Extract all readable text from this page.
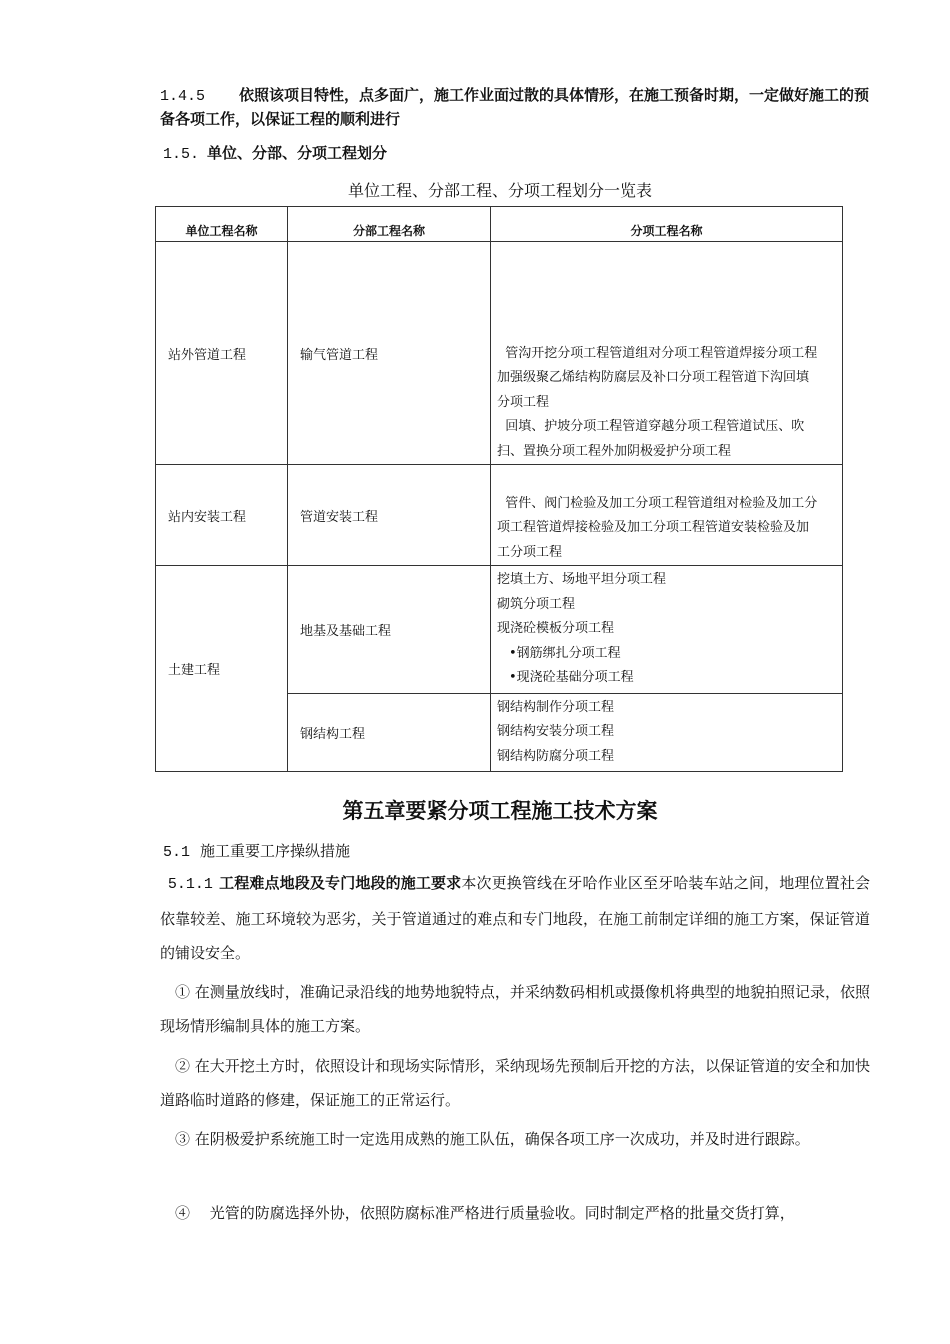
1.4.5 依照该项目特性，点多面广，施工作业面过散的具体情形，在施工预备时期，一定做好施工的预备各项工作，以保证工程的顺利进行
1.5. 单位、分部、分项工程划分
单位工程、分部工程、分项工程划分一览表
单位工程名称	分部工程名称	分项工程名称
站外管道工程	输气管道工程	管沟开挖分项工程管道组对分项工程管道焊接分项工程
加强级聚乙烯结构防腐层及补口分项工程管道下沟回填
分项工程
回填、护坡分项工程管道穿越分项工程管道试压、吹
扫、置换分项工程外加阴极爱护分项工程

站内安装工程	管道安装工程	管件、阀门检验及加工分项工程管道组对检验及加工分
项工程管道焊接检验及加工分项工程管道安装检验及加
工分项工程

土建工程	地基及基础工程	挖填土方、场地平坦分项工程
砌筑分项工程
现浇砼模板分项工程
•钢筋绑扎分项工程
•现浇砼基础分项工程

	钢结构工程	钢结构制作分项工程
钢结构安装分项工程
钢结构防腐分项工程
第五章要紧分项工程施工技术方案
5.1 施工重要工序操纵措施
5.1.1 工程难点地段及专门地段的施工要求本次更换管线在牙哈作业区至牙哈装车站之间，地理位置社会依靠较差、施工环境较为恶劣，关于管道通过的难点和专门地段，在施工前制定详细的施工方案，保证管道的铺设安全。
① 在测量放线时，准确记录沿线的地势地貌特点，并采纳数码相机或摄像机将典型的地貌拍照记录，依照现场情形编制具体的施工方案。
② 在大开挖土方时，依照设计和现场实际情形，采纳现场先预制后开挖的方法，以保证管道的安全和加快道路临时道路的修建，保证施工的正常运行。
③ 在阴极爱护系统施工时一定选用成熟的施工队伍，确保各项工序一次成功，并及时进行跟踪。
④　 光管的防腐选择外协，依照防腐标准严格进行质量验收。同时制定严格的批量交货打算，
